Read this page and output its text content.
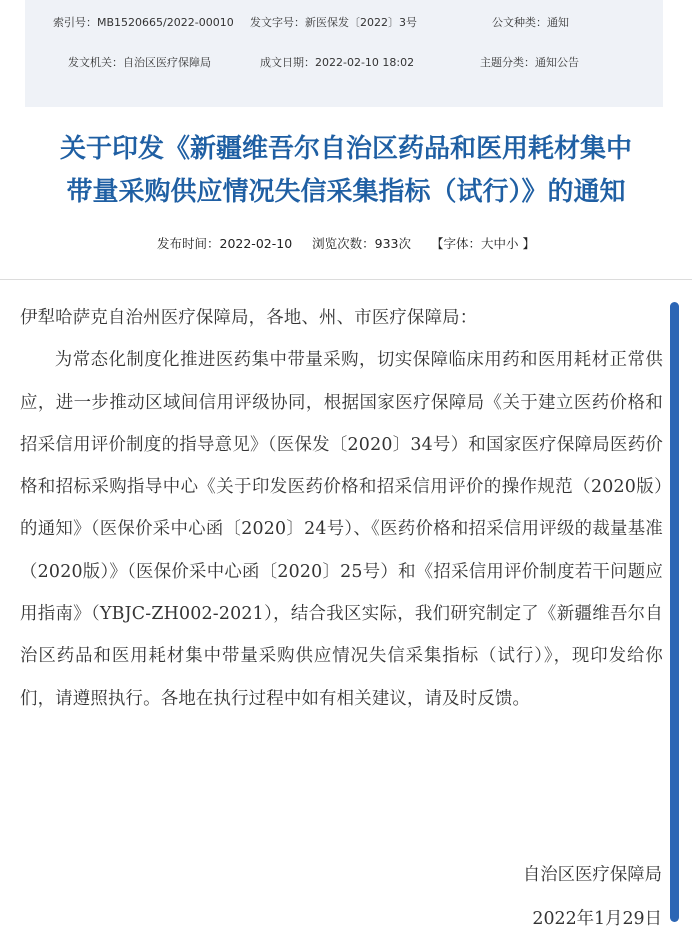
索引号：MB1520665/2022-00010 发文字号：新医保发〔2022〕3号	公文种类：通知
发文机关：自治区医疗保障局	成文日期：2022-02-10 18:02	主题分类：通知公告
关于印发《新疆维吾尔自治区药品和医用耗材集中
带量采购供应情况失信采集指标（试行）》的通知
发布时间：2022-02-10 浏览次数：933次 【字体：大中小 】

伊犁哈萨克自治州医疗保障局，各地、州、市医疗保障局：

为常态化制度化推进医药集中带量采购，切实保障临床用药和医用耗材正常供应，进一步推动区域间信用评级协同，根据国家医疗保障局《关于建立医药价格和招采信用评价制度的指导意见》（医保发〔2020〕34号）和国家医疗保障局医药价格和招标采购指导中心《关于印发医药价格和招采信用评价的操作规范（2020版）的通知》（医保价采中心函〔2020〕24号）、《医药价格和招采信用评级的裁量基准（2020版）》（医保价采中心函〔2020〕25号）和《招采信用评价制度若干问题应用指南》（YBJC-ZH002-2021），结合我区实际，我们研究制定了《新疆维吾尔自治区药品和医用耗材集中带量采购供应情况失信采集指标（试行）》，现印发给你们，请遵照执行。各地在执行过程中如有相关建议，请及时反馈。

自治区医疗保障局
2022年1月29日
